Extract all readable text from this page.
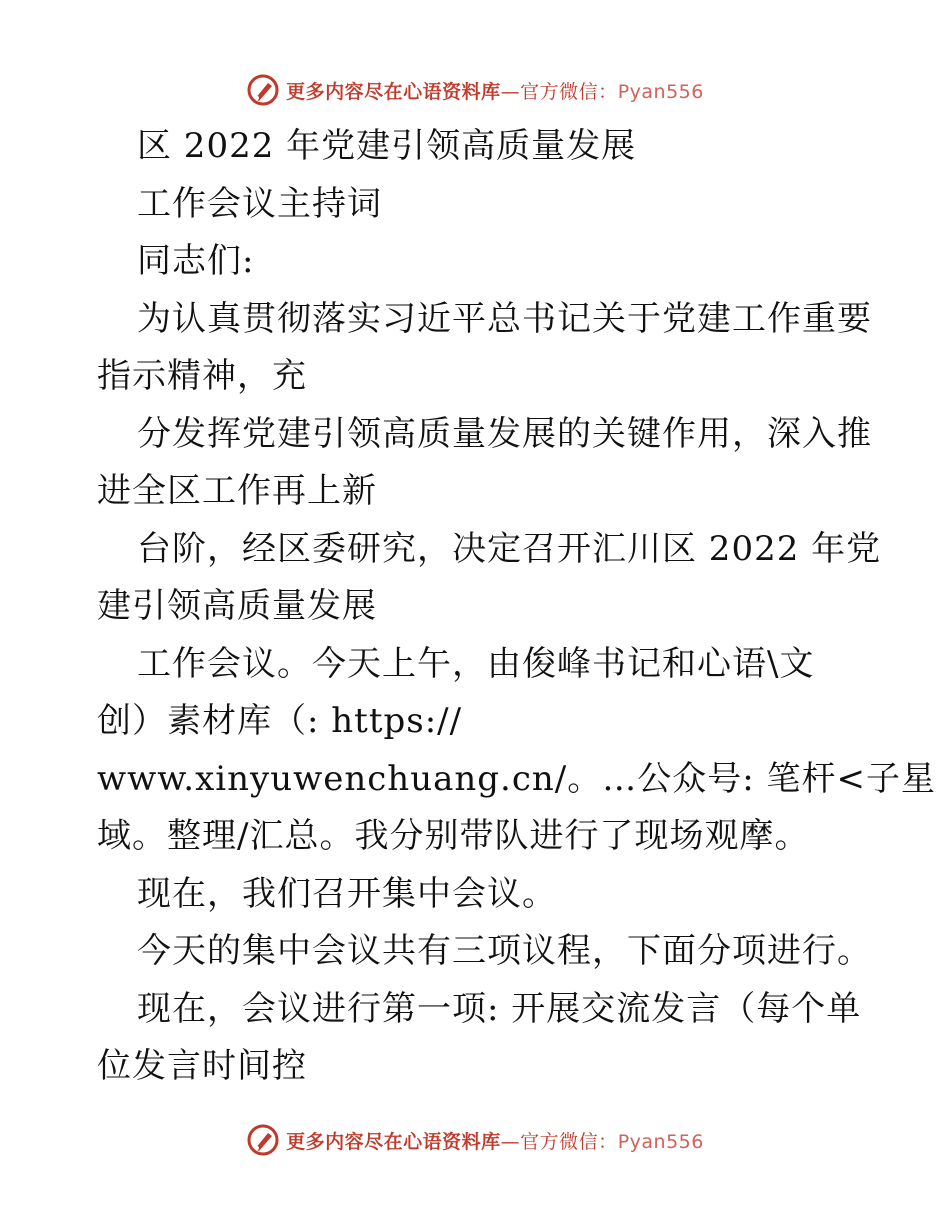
更多内容尽在心语资料库—官方微信：Pyan556
区 2022 年党建引领高质量发展
工作会议主持词
同志们:
为认真贯彻落实习近平总书记关于党建工作重要
指示精神，充
分发挥党建引领高质量发展的关键作用，深入推
进全区工作再上新
台阶，经区委研究，决定召开汇川区 2022 年党
建引领高质量发展
工作会议。今天上午，由俊峰书记和心语\文
创）素材库（: https://
www.xinyuwenchuang.cn/。…公众号: 笔杆<子星
域。整理/汇总。我分别带队进行了现场观摩。
现在，我们召开集中会议。
今天的集中会议共有三项议程，下面分项进行。
现在，会议进行第一项: 开展交流发言（每个单
位发言时间控
更多内容尽在心语资料库—官方微信：Pyan556
